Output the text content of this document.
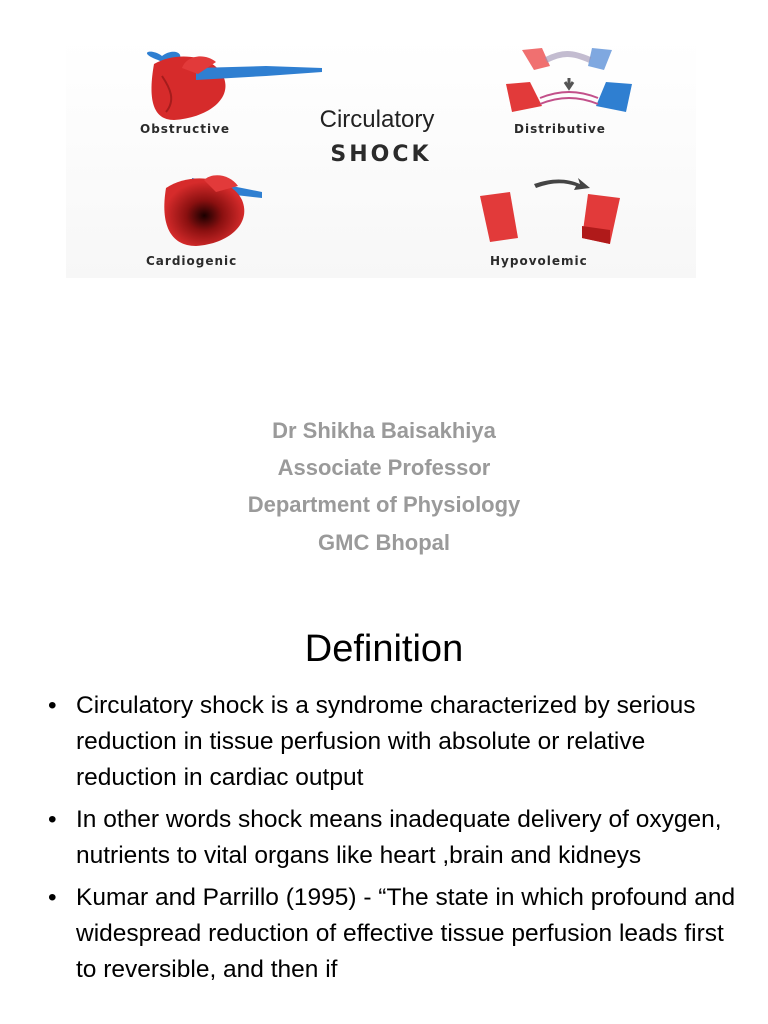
Obstructive	Distributive
Cardiogenic	Hypovolemic
Circulatory
SHOCK
Dr Shikha Baisakhiya
Associate Professor
Department of Physiology
GMC Bhopal
Definition
• Circulatory shock is a syndrome characterized by serious reduction in tissue perfusion with absolute or relative reduction in cardiac output
• In other words shock means inadequate delivery of oxygen, nutrients to vital organs like heart ,brain and kidneys
• Kumar and Parrillo (1995) - “The state in which profound and widespread reduction of effective tissue perfusion leads first to reversible, and then if
